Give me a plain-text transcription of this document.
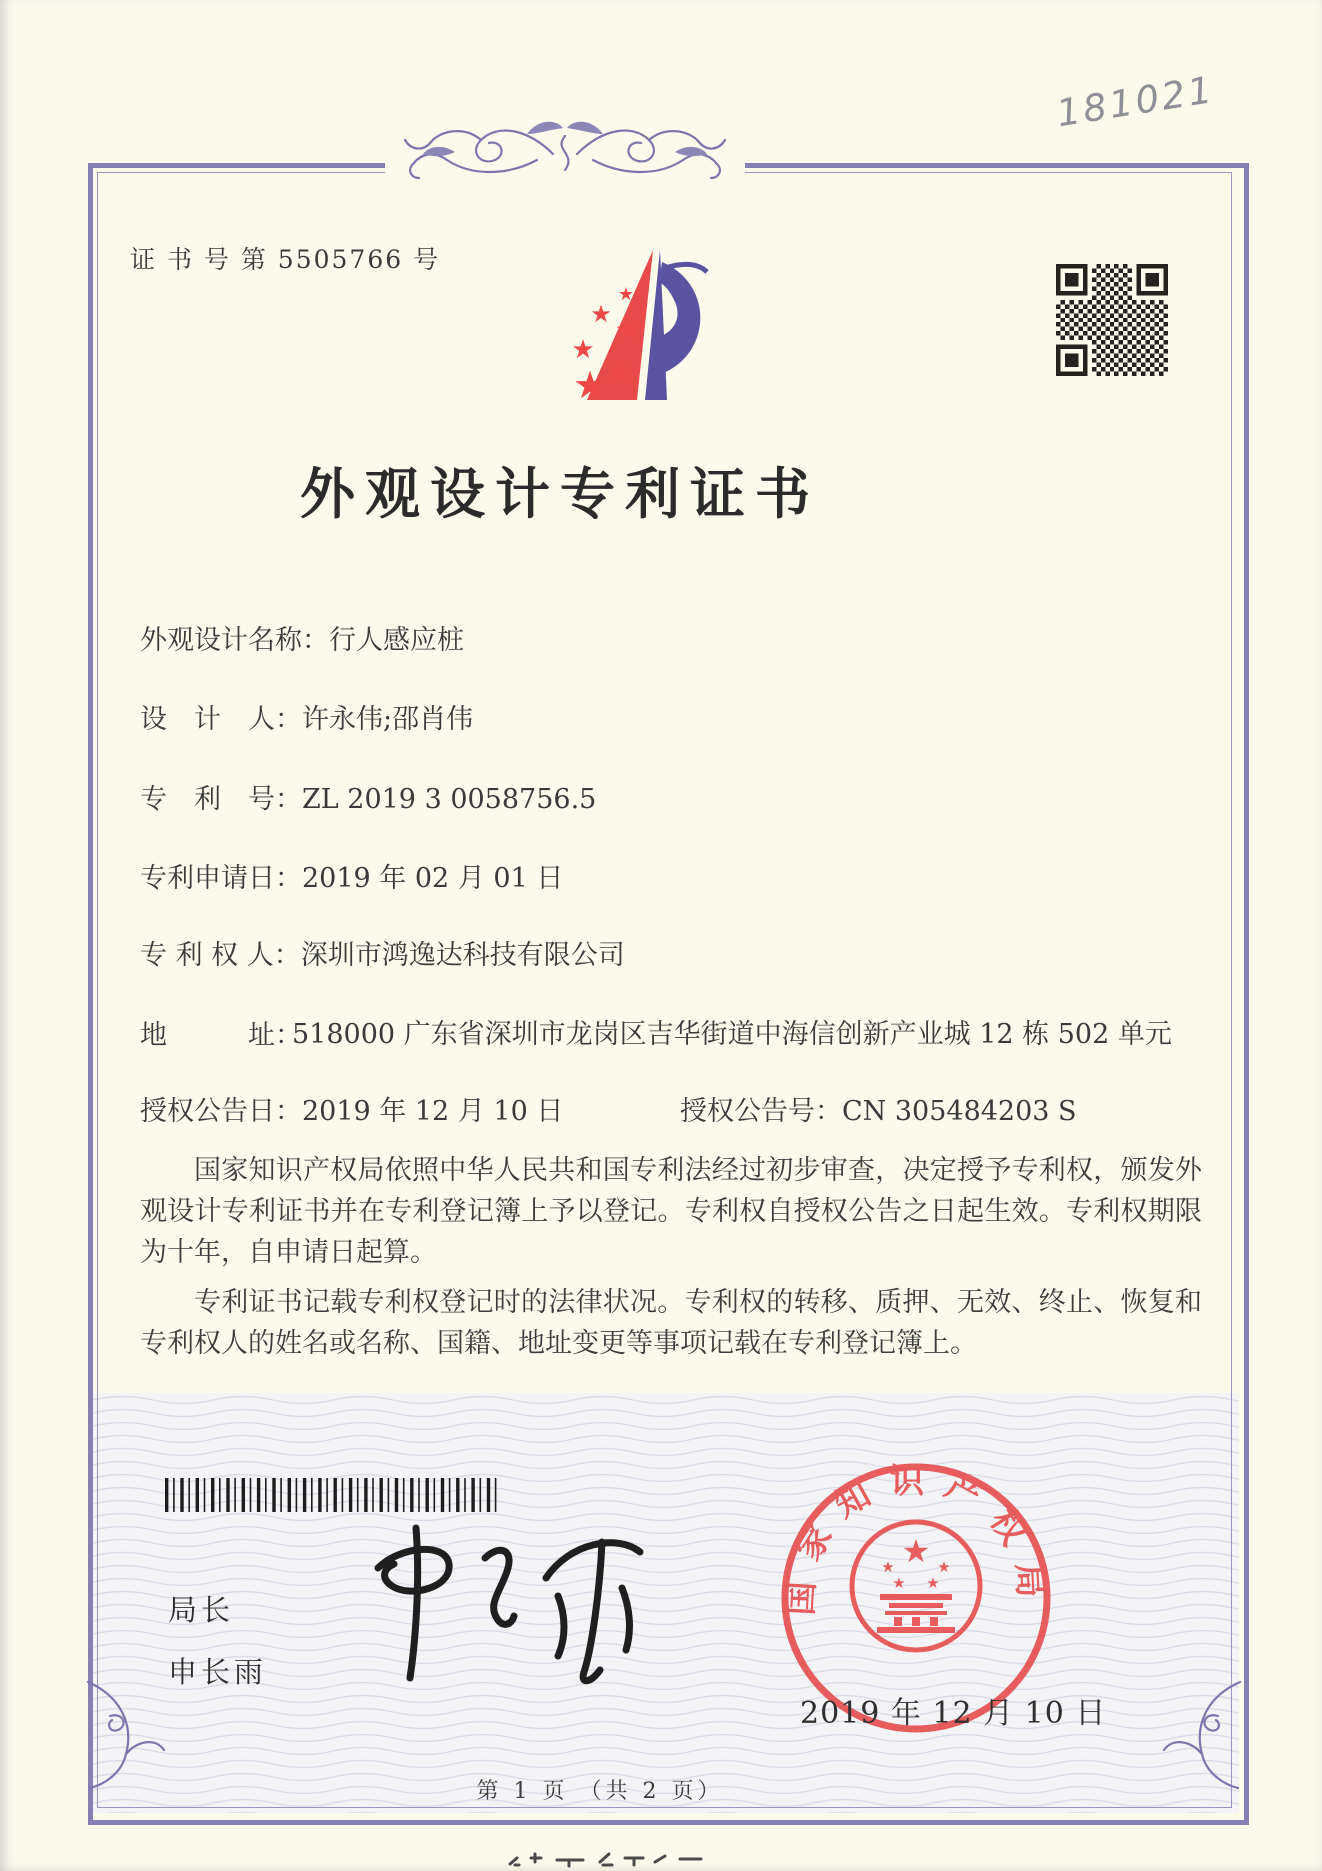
181021
证 书 号 第 5505766 号
★
★ ★
★
★
★
外观设计专利证书
外观设计名称：行人感应桩
设　计　人：许永伟;邵肖伟
专　利　号：ZL 2019 3 0058756.5
专利申请日：2019 年 02 月 01 日
专 利 权 人：深圳市鸿逸达科技有限公司
地　　　址：
518000 广东省深圳市龙岗区吉华街道中海信创新产业城 12 栋 502 单元
授权公告日：2019 年 12 月 10 日	授权公告号：CN 305484203 S

国家知识产权局依照中华人民共和国专利法经过初步审查，决定授予专利权，颁发外观设计专利证书并在专利登记簿上予以登记。专利权自授权公告之日起生效。专利权期限为十年，自申请日起算。

专利证书记载专利权登记时的法律状况。专利权的转移、质押、无效、终止、恢复和专利权人的姓名或名称、国籍、地址变更等事项记载在专利登记簿上。

局长
申长雨
国家知识产权局
★
★	★
★ ★
2019 年 12 月 10 日
第 1 页 （共 2 页）
